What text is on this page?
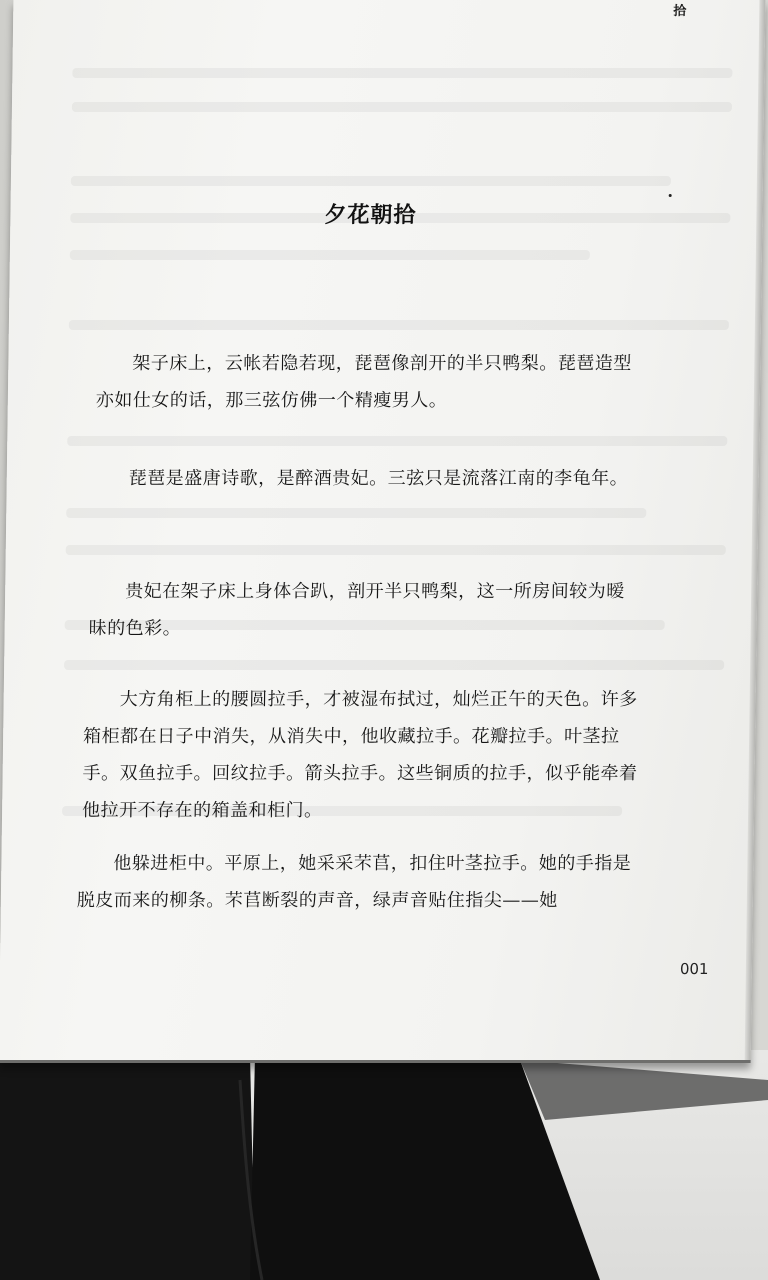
拾
夕花朝拾
架子床上，云帐若隐若现，琵琶像剖开的半只鸭梨。琵琶造型亦如仕女的话，那三弦仿佛一个精瘦男人。
琵琶是盛唐诗歌，是醉酒贵妃。三弦只是流落江南的李龟年。
贵妃在架子床上身体合趴，剖开半只鸭梨，这一所房间较为暧昧的色彩。
大方角柜上的腰圆拉手，才被湿布拭过，灿烂正午的天色。许多箱柜都在日子中消失，从消失中，他收藏拉手。花瓣拉手。叶茎拉手。双鱼拉手。回纹拉手。箭头拉手。这些铜质的拉手，似乎能牵着他拉开不存在的箱盖和柜门。
他躲进柜中。平原上，她采采芣苢，扣住叶茎拉手。她的手指是脱皮而来的柳条。芣苢断裂的声音，绿声音贴住指尖——她
001
